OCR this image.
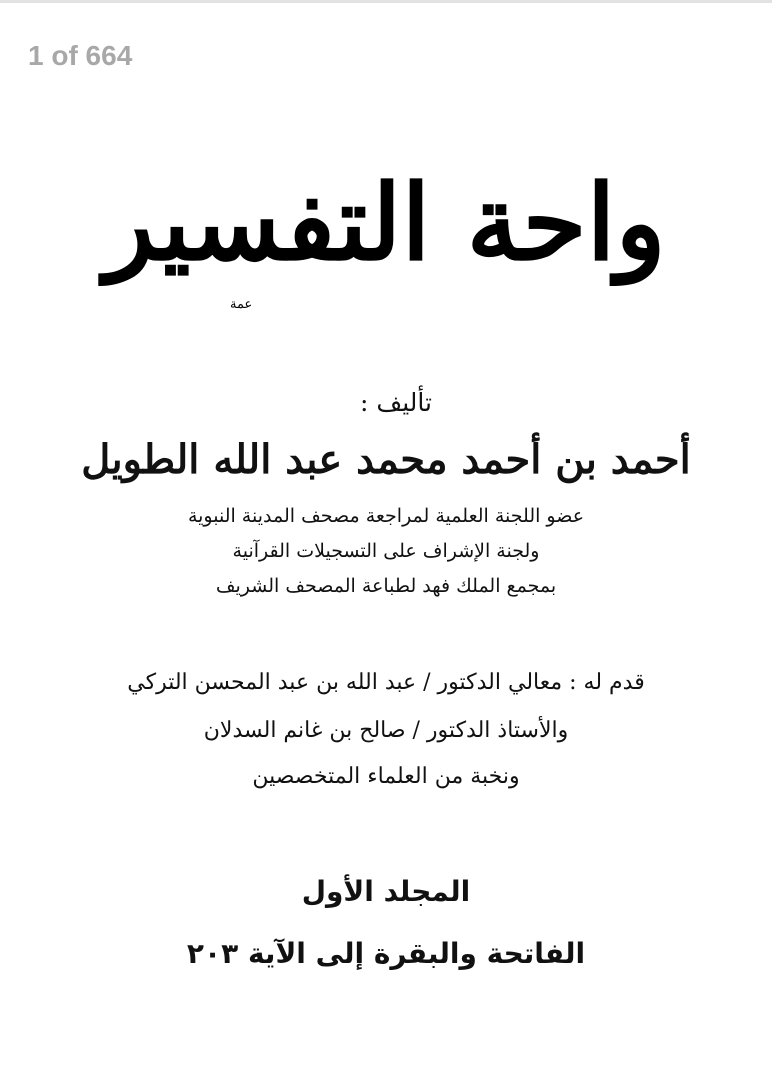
1 of 664
واحة التفسير
عمة
تأليف :
أحمد بن أحمد محمد عبد الله الطويل
عضو اللجنة العلمية لمراجعة مصحف المدينة النبوية
ولجنة الإشراف على التسجيلات القرآنية
بمجمع الملك فهد لطباعة المصحف الشريف
قدم له : معالي الدكتور / عبد الله بن عبد المحسن التركي
والأستاذ الدكتور / صالح بن غانم السدلان
ونخبة من العلماء المتخصصين
المجلد الأول
الفاتحة والبقرة إلى الآية ٢٠٣
